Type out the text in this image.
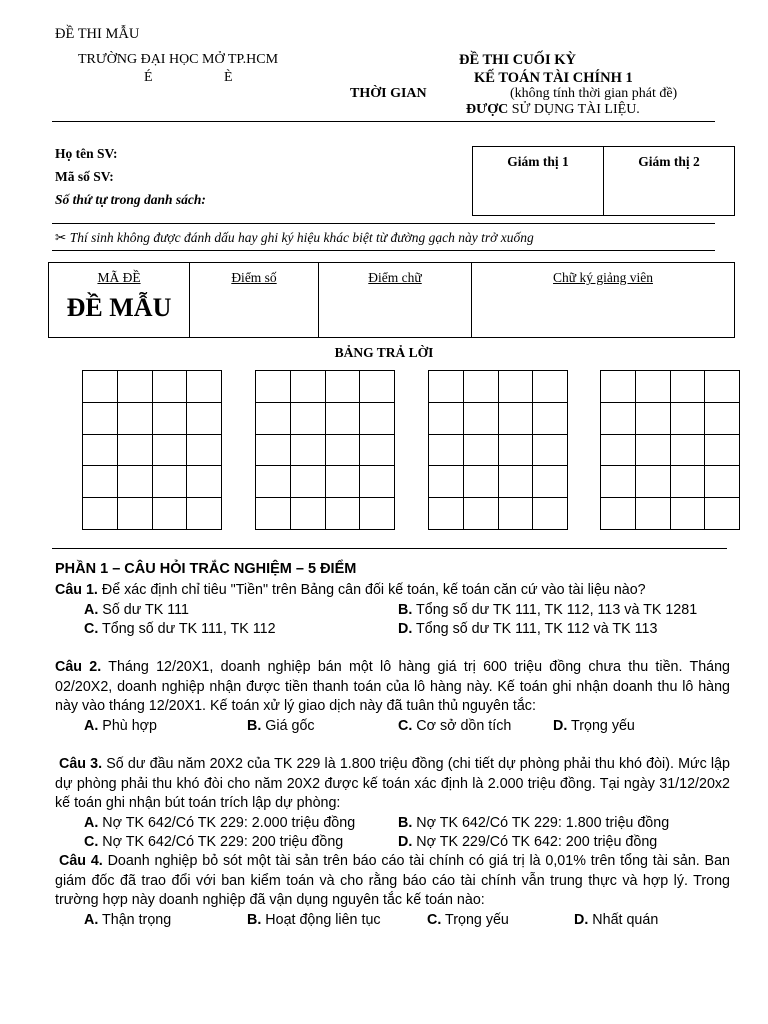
ĐỀ THI MẪU
TRƯỜNG ĐẠI HỌC MỞ TP.HCM
É	È
ĐỀ THI CUỐI KỲ
KẾ TOÁN TÀI CHÍNH 1
THỜI GIAN	(không tính thời gian phát đề)
ĐƯỢC SỬ DỤNG TÀI LIỆU.
Họ tên SV:
Mã số SV:
Số thứ tự trong danh sách:
Giám thị 1	Giám thị 2
✂ Thí sinh không được đánh dấu hay ghi ký hiệu khác biệt từ đường gạch này trở xuống
MÃ ĐỀ
ĐỀ MẪU
Điểm số	Điểm chữ	Chữ ký giảng viên
BẢNG TRẢ LỜI
PHẦN 1 – CÂU HỎI TRẮC NGHIỆM – 5 ĐIỂM
Câu 1. Để xác định chỉ tiêu "Tiền" trên Bảng cân đối kế toán, kế toán căn cứ vào tài liệu nào?
A. Số dư TK 111	B. Tổng số dư TK 111, TK 112, 113 và TK 1281
C. Tổng số dư TK 111, TK 112	D. Tổng số dư TK 111, TK 112 và TK 113
Câu 2. Tháng 12/20X1, doanh nghiệp bán một lô hàng giá trị 600 triệu đồng chưa thu tiền. Tháng 02/20X2, doanh nghiệp nhận được tiền thanh toán của lô hàng này. Kế toán ghi nhận doanh thu lô hàng này vào tháng 12/20X1. Kế toán xử lý giao dịch này đã tuân thủ nguyên tắc:
A. Phù hợp	B. Giá gốc	C. Cơ sở dồn tích	D. Trọng yếu
Câu 3. Số dư đầu năm 20X2 của TK 229 là 1.800 triệu đồng (chi tiết dự phòng phải thu khó đòi). Mức lập dự phòng phải thu khó đòi cho năm 20X2 được kế toán xác định là 2.000 triệu đồng. Tại ngày 31/12/20x2 kế toán ghi nhận bút toán trích lập dự phòng:
A. Nợ TK 642/Có TK 229: 2.000 triệu đồng	B. Nợ TK 642/Có TK 229: 1.800 triệu đồng
C. Nợ TK 642/Có TK 229: 200 triệu đồng	D. Nợ TK 229/Có TK 642: 200 triệu đồng
Câu 4. Doanh nghiệp bỏ sót một tài sản trên báo cáo tài chính có giá trị là 0,01% trên tổng tài sản. Ban giám đốc đã trao đổi với ban kiểm toán và cho rằng báo cáo tài chính vẫn trung thực và hợp lý. Trong trường hợp này doanh nghiệp đã vận dụng nguyên tắc kế toán nào:
A. Thận trọng	B. Hoạt động liên tục	C. Trọng yếu	D. Nhất quán
